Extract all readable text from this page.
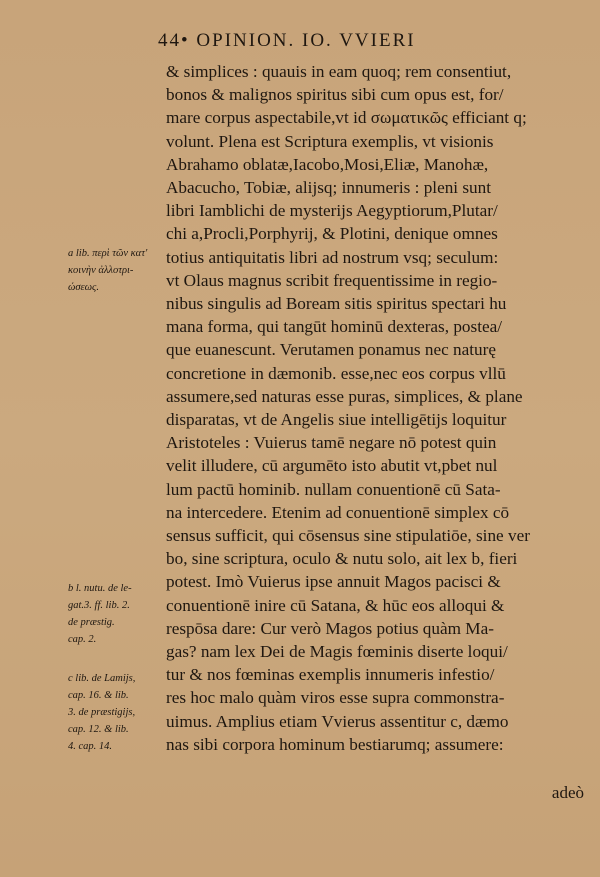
44• OPINION. IO. VVIERI
& simplices : quauis in eam quoq; rem consentiut,
bonos & malignos spiritus sibi cum opus est, for/
mare corpus aspectabile,vt id σωματικῶς efficiant q;
volunt. Plena est Scriptura exemplis, vt visionis
Abrahamo oblatæ,Iacobo,Mosi,Eliæ, Manohæ,
Abacucho, Tobiæ, alijsq; innumeris : pleni sunt
libri Iamblichi de mysterijs Aegyptiorum,Plutar/
chi a,Procli,Porphyrij, & Plotini, denique omnes
totius antiquitatis libri ad nostrum vsq; seculum:
vt Olaus magnus scribit frequentissime in regio-
nibus singulis ad Boream sitis spiritus spectari hu
mana forma, qui tangūt hominū dexteras, postea/
que euanescunt. Verutamen ponamus nec naturę
concretione in dæmonib. esse,nec eos corpus vllū
assumere,sed naturas esse puras, simplices, & plane
disparatas, vt de Angelis siue intelligētijs loquitur
Aristoteles : Vuierus tamē negare nō potest quin
velit illudere, cū argumēto isto abutit vt,pbet nul
lum pactū hominib. nullam conuentionē cū Sata-
na intercedere. Etenim ad conuentionē simplex cō
sensus sufficit, qui cōsensus sine stipulatiōe, sine ver
bo, sine scriptura, oculo & nutu solo, ait lex b, fieri
potest. Imò Vuierus ipse annuit Magos pacisci &
conuentionē inire cū Satana, & hūc eos alloqui &
respōsa dare: Cur verò Magos potius quàm Ma-
gas? nam lex Dei de Magis fœminis diserte loqui/
tur & nos fœminas exemplis innumeris infestio/
res hoc malo quàm viros esse supra commonstra-
uimus. Amplius etiam Vvierus assentitur c, dæmo
nas sibi corpora hominum bestiarumq; assumere:
a lib. περὶ τῶν κατ'
κοινὴν ἀλλοτρι-
ώσεως.
b l. nutu. de le-
gat.3. ff. lib. 2.
de præstig.
cap. 2.
c lib. de Lamijs,
cap. 16. & lib.
3. de præstigijs,
cap. 12. & lib.
4. cap. 14.
adeò
